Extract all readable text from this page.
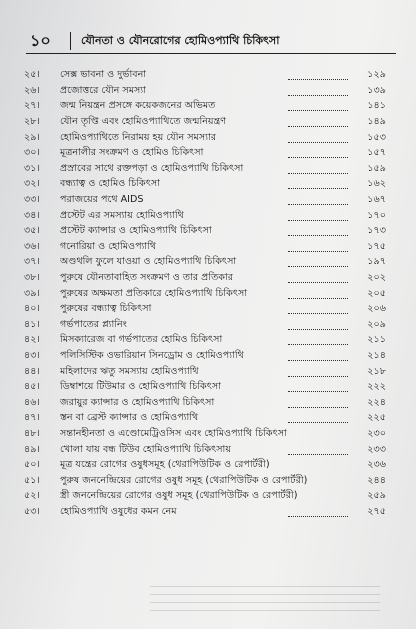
১০	যৌনতা ও যৌনরোগের হোমিওপ্যাথি চিকিৎসা
২৫।	সেক্স ভাবনা ও দুর্ভাবনা	১২৯
২৬।	প্রজোত্তরে যৌন সমস্যা	১৩৯
২৭।	জন্ম নিয়ন্ত্রন প্রসঙ্গে কয়েকজনের অভিমত	১৪১
২৮।	যৌন তৃপ্তি এবং হোমিওপ্যাথিতে জন্মনিয়ন্ত্রণ	১৪৯
২৯।	হোমিওপ্যাথিতে নিরাময় হয় যৌন সমস্যার	১৫৩
৩০।	মূত্রনালীর সংক্রমণ ও হোমিও চিকিৎসা	১৫৭
৩১।	প্রস্রাবের সাথে রক্তপড়া ও হোমিওপ্যাথি চিকিৎসা	১৫৯
৩২।	বন্ধ্যাত্ব ও হোমিও চিকিৎসা	১৬২
৩৩।	পরাজয়ের পথে AIDS	১৬৭
৩৪।	প্রস্টেট এর সমস্যায় হোমিওপ্যাথি	১৭০
৩৫।	প্রস্টেট ক্যান্সার ও হোমিওপ্যাথি চিকিৎসা	১৭৩
৩৬।	গনোরিয়া ও হোমিওপ্যাথি	১৭৫
৩৭।	অণ্ডথলি ফুলে যাওয়া ও হোমিওপ্যাথি চিকিৎসা	১৯৭
৩৮।	পুরুষে যৌনতাবাহিত সংক্রমণ ও তার প্রতিকার	২০২
৩৯।	পুরুষের অক্ষমতা প্রতিকারে হোমিওপ্যাথি চিকিৎসা	২০৫
৪০।	পুরুষের বন্ধ্যাত্ব চিকিৎসা	২০৬
৪১।	গর্ভপাতের প্ল্যানিং	২০৯
৪২।	মিসক্যারেজ বা গর্ভপাতের হোমিও চিকিৎসা	২১১
৪৩।	পলিসিস্টিক ওভারিয়ান সিনড্রোম ও হোমিওপ্যাথি	২১৪
৪৪।	মহিলাদের ঋতু সমস্যায় হোমিওপ্যাথি	২১৮
৪৫।	ডিম্বাশয়ে টিউমার ও হোমিওপ্যাথি চিকিৎসা	২২২
৪৬।	জরায়ুর ক্যান্সার ও হোমিওপ্যাথি চিকিৎসা	২২৪
৪৭।	স্তন বা ব্রেস্ট ক্যান্সার ও হোমিওপ্যাথি	২২৫
৪৮।	সন্তানহীনতা ও এণ্ডোমেট্রিওসিস এবং হোমিওপ্যাথি চিকিৎসা	২৩০
৪৯।	খোলা যায় বন্ধ টিউব হোমিওপ্যাথি চিকিৎসায়	২৩৩
৫০।	মূত্র যন্ত্রের রোগের ওষুধসমূহ (থেরাপিউটিক ও রেপার্টরী)	২৩৬
৫১।	পুরুষ জননেন্দ্রিয়ের রোগের ওষুধ সমূহ (থেরাপিউটিক ও রেপার্টরী)	২৪৪
৫২।	স্ত্রী জননেন্দ্রিয়ের রোগের ওষুধ সমূহ (থেরাপিউটিক ও রেপার্টরী)	২৫৯
৫৩।	হোমিওপ্যাথি ওষুধের কমন নেম	২৭৫
